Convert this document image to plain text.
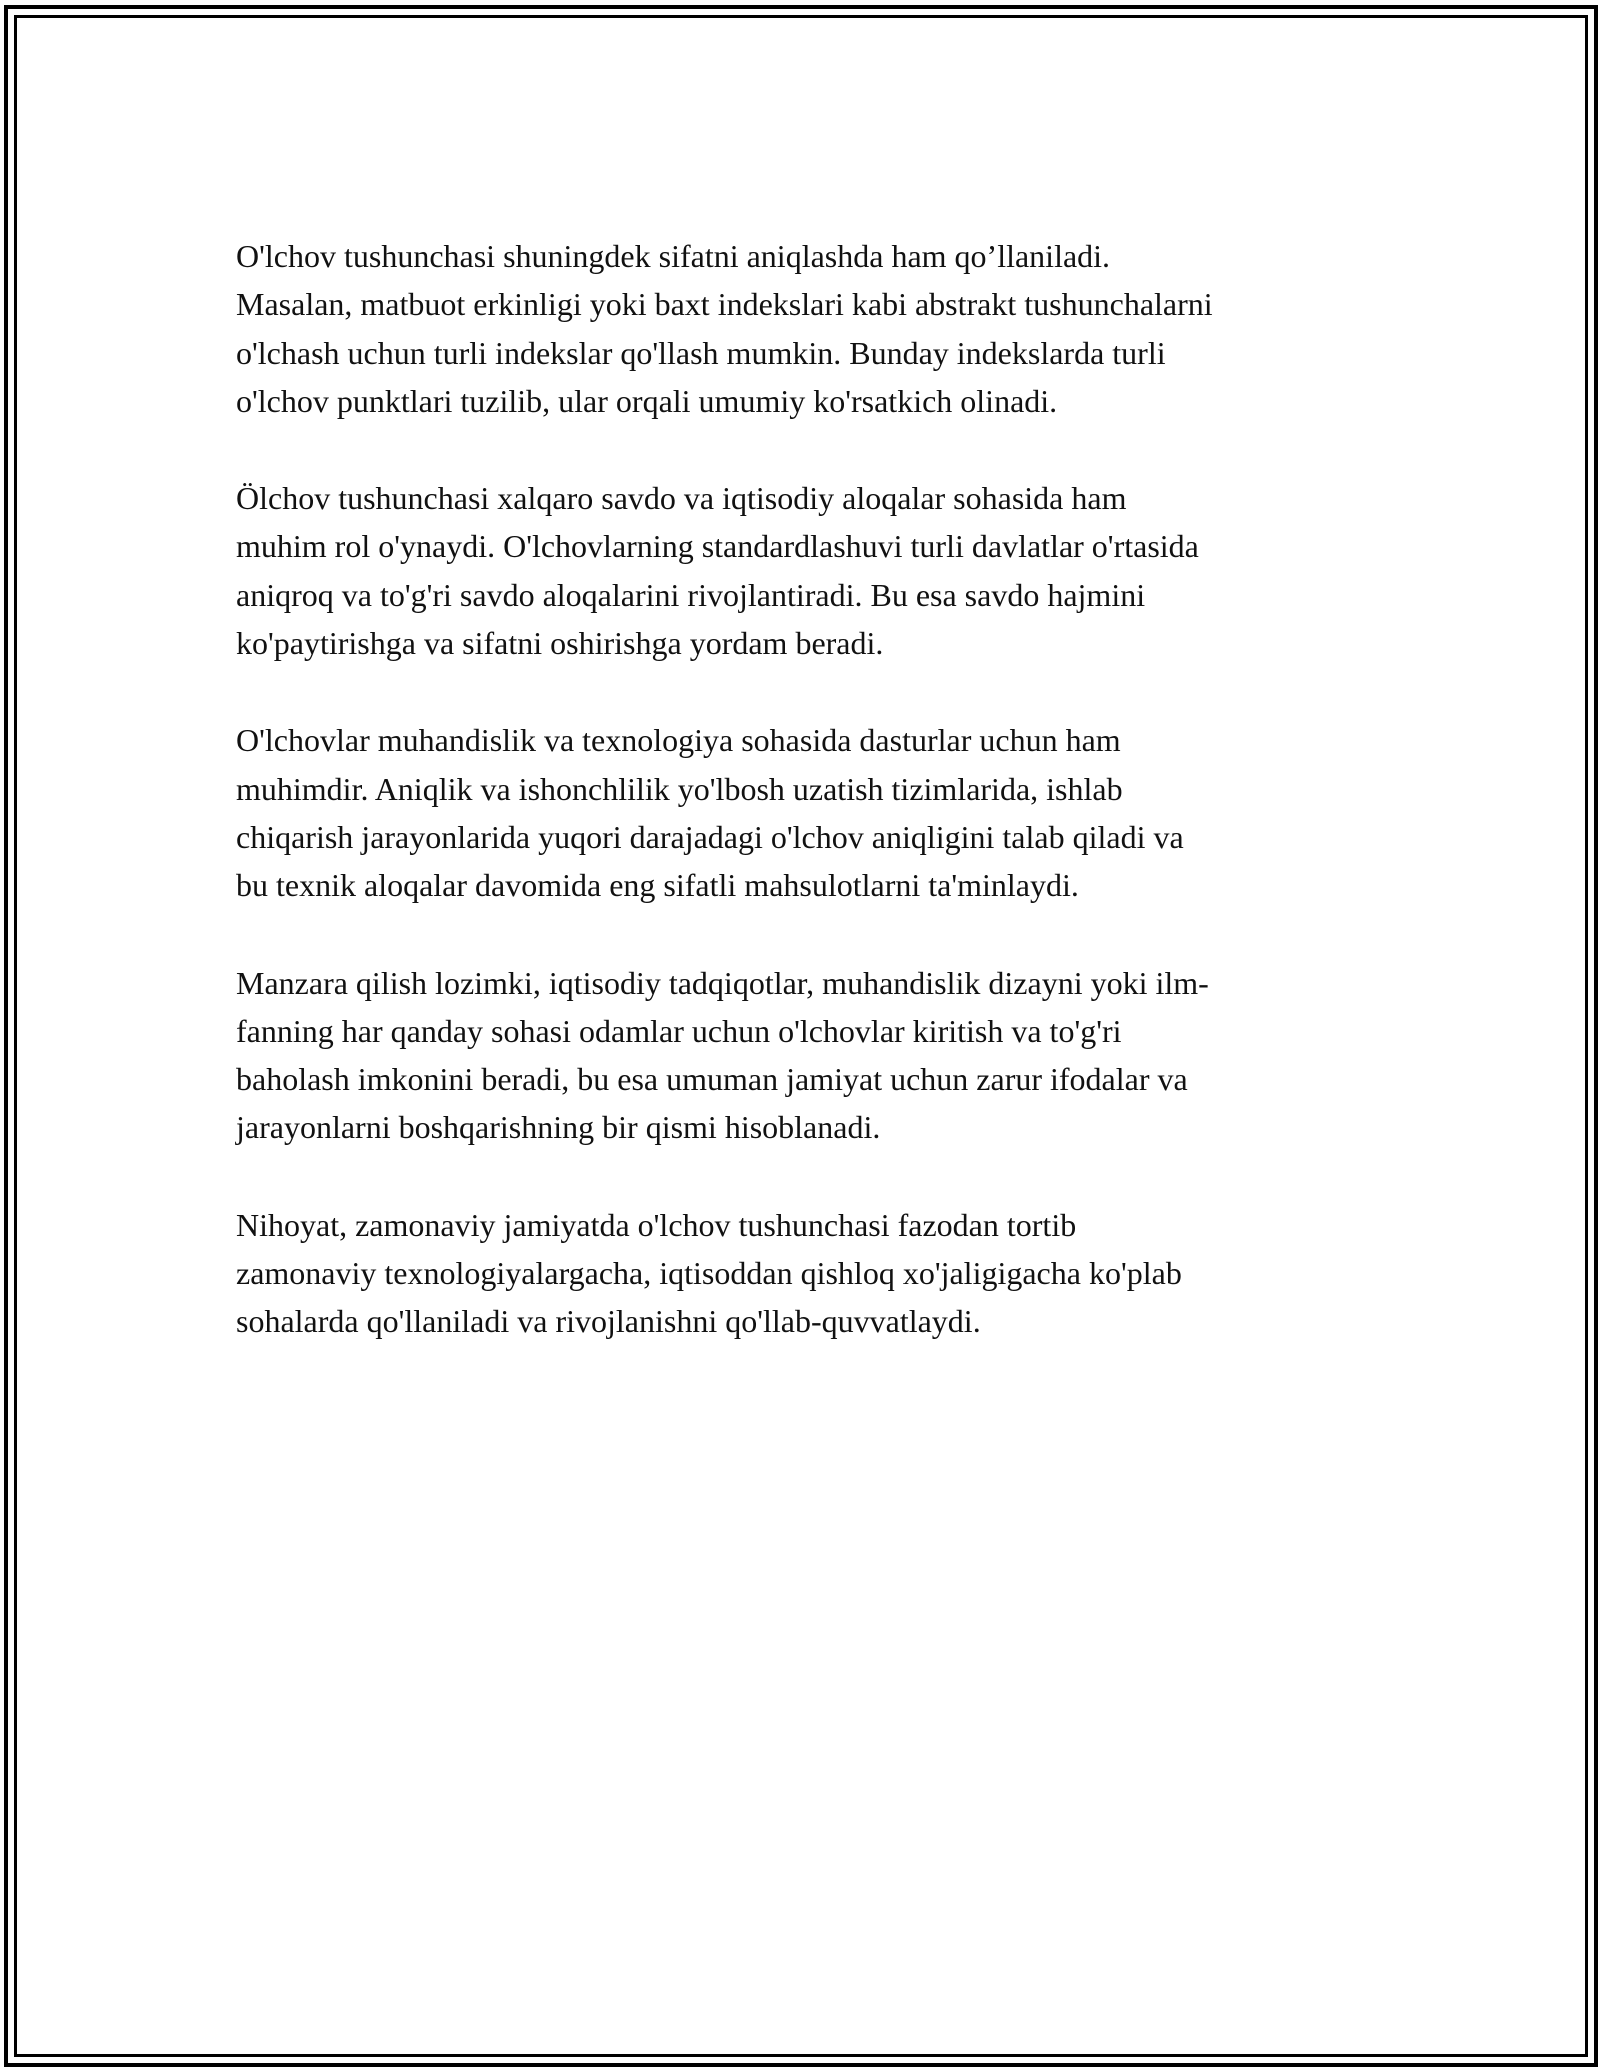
O'lchov tushunchasi shuningdek sifatni aniqlashda ham qo’llaniladi.
Masalan, matbuot erkinligi yoki baxt indekslari kabi abstrakt tushunchalarni
o'lchash uchun turli indekslar qo'llash mumkin. Bunday indekslarda turli
o'lchov punktlari tuzilib, ular orqali umumiy ko'rsatkich olinadi.

Ölchov tushunchasi xalqaro savdo va iqtisodiy aloqalar sohasida ham
muhim rol o'ynaydi. O'lchovlarning standardlashuvi turli davlatlar o'rtasida
aniqroq va to'g'ri savdo aloqalarini rivojlantiradi. Bu esa savdo hajmini
ko'paytirishga va sifatni oshirishga yordam beradi.

O'lchovlar muhandislik va texnologiya sohasida dasturlar uchun ham
muhimdir. Aniqlik va ishonchlilik yo'lbosh uzatish tizimlarida, ishlab
chiqarish jarayonlarida yuqori darajadagi o'lchov aniqligini talab qiladi va
bu texnik aloqalar davomida eng sifatli mahsulotlarni ta'minlaydi.

Manzara qilish lozimki, iqtisodiy tadqiqotlar, muhandislik dizayni yoki ilm-
fanning har qanday sohasi odamlar uchun o'lchovlar kiritish va to'g'ri
baholash imkonini beradi, bu esa umuman jamiyat uchun zarur ifodalar va
jarayonlarni boshqarishning bir qismi hisoblanadi.

Nihoyat, zamonaviy jamiyatda o'lchov tushunchasi fazodan tortib
zamonaviy texnologiyalargacha, iqtisoddan qishloq xo'jaligigacha ko'plab
sohalarda qo'llaniladi va rivojlanishni qo'llab-quvvatlaydi.
